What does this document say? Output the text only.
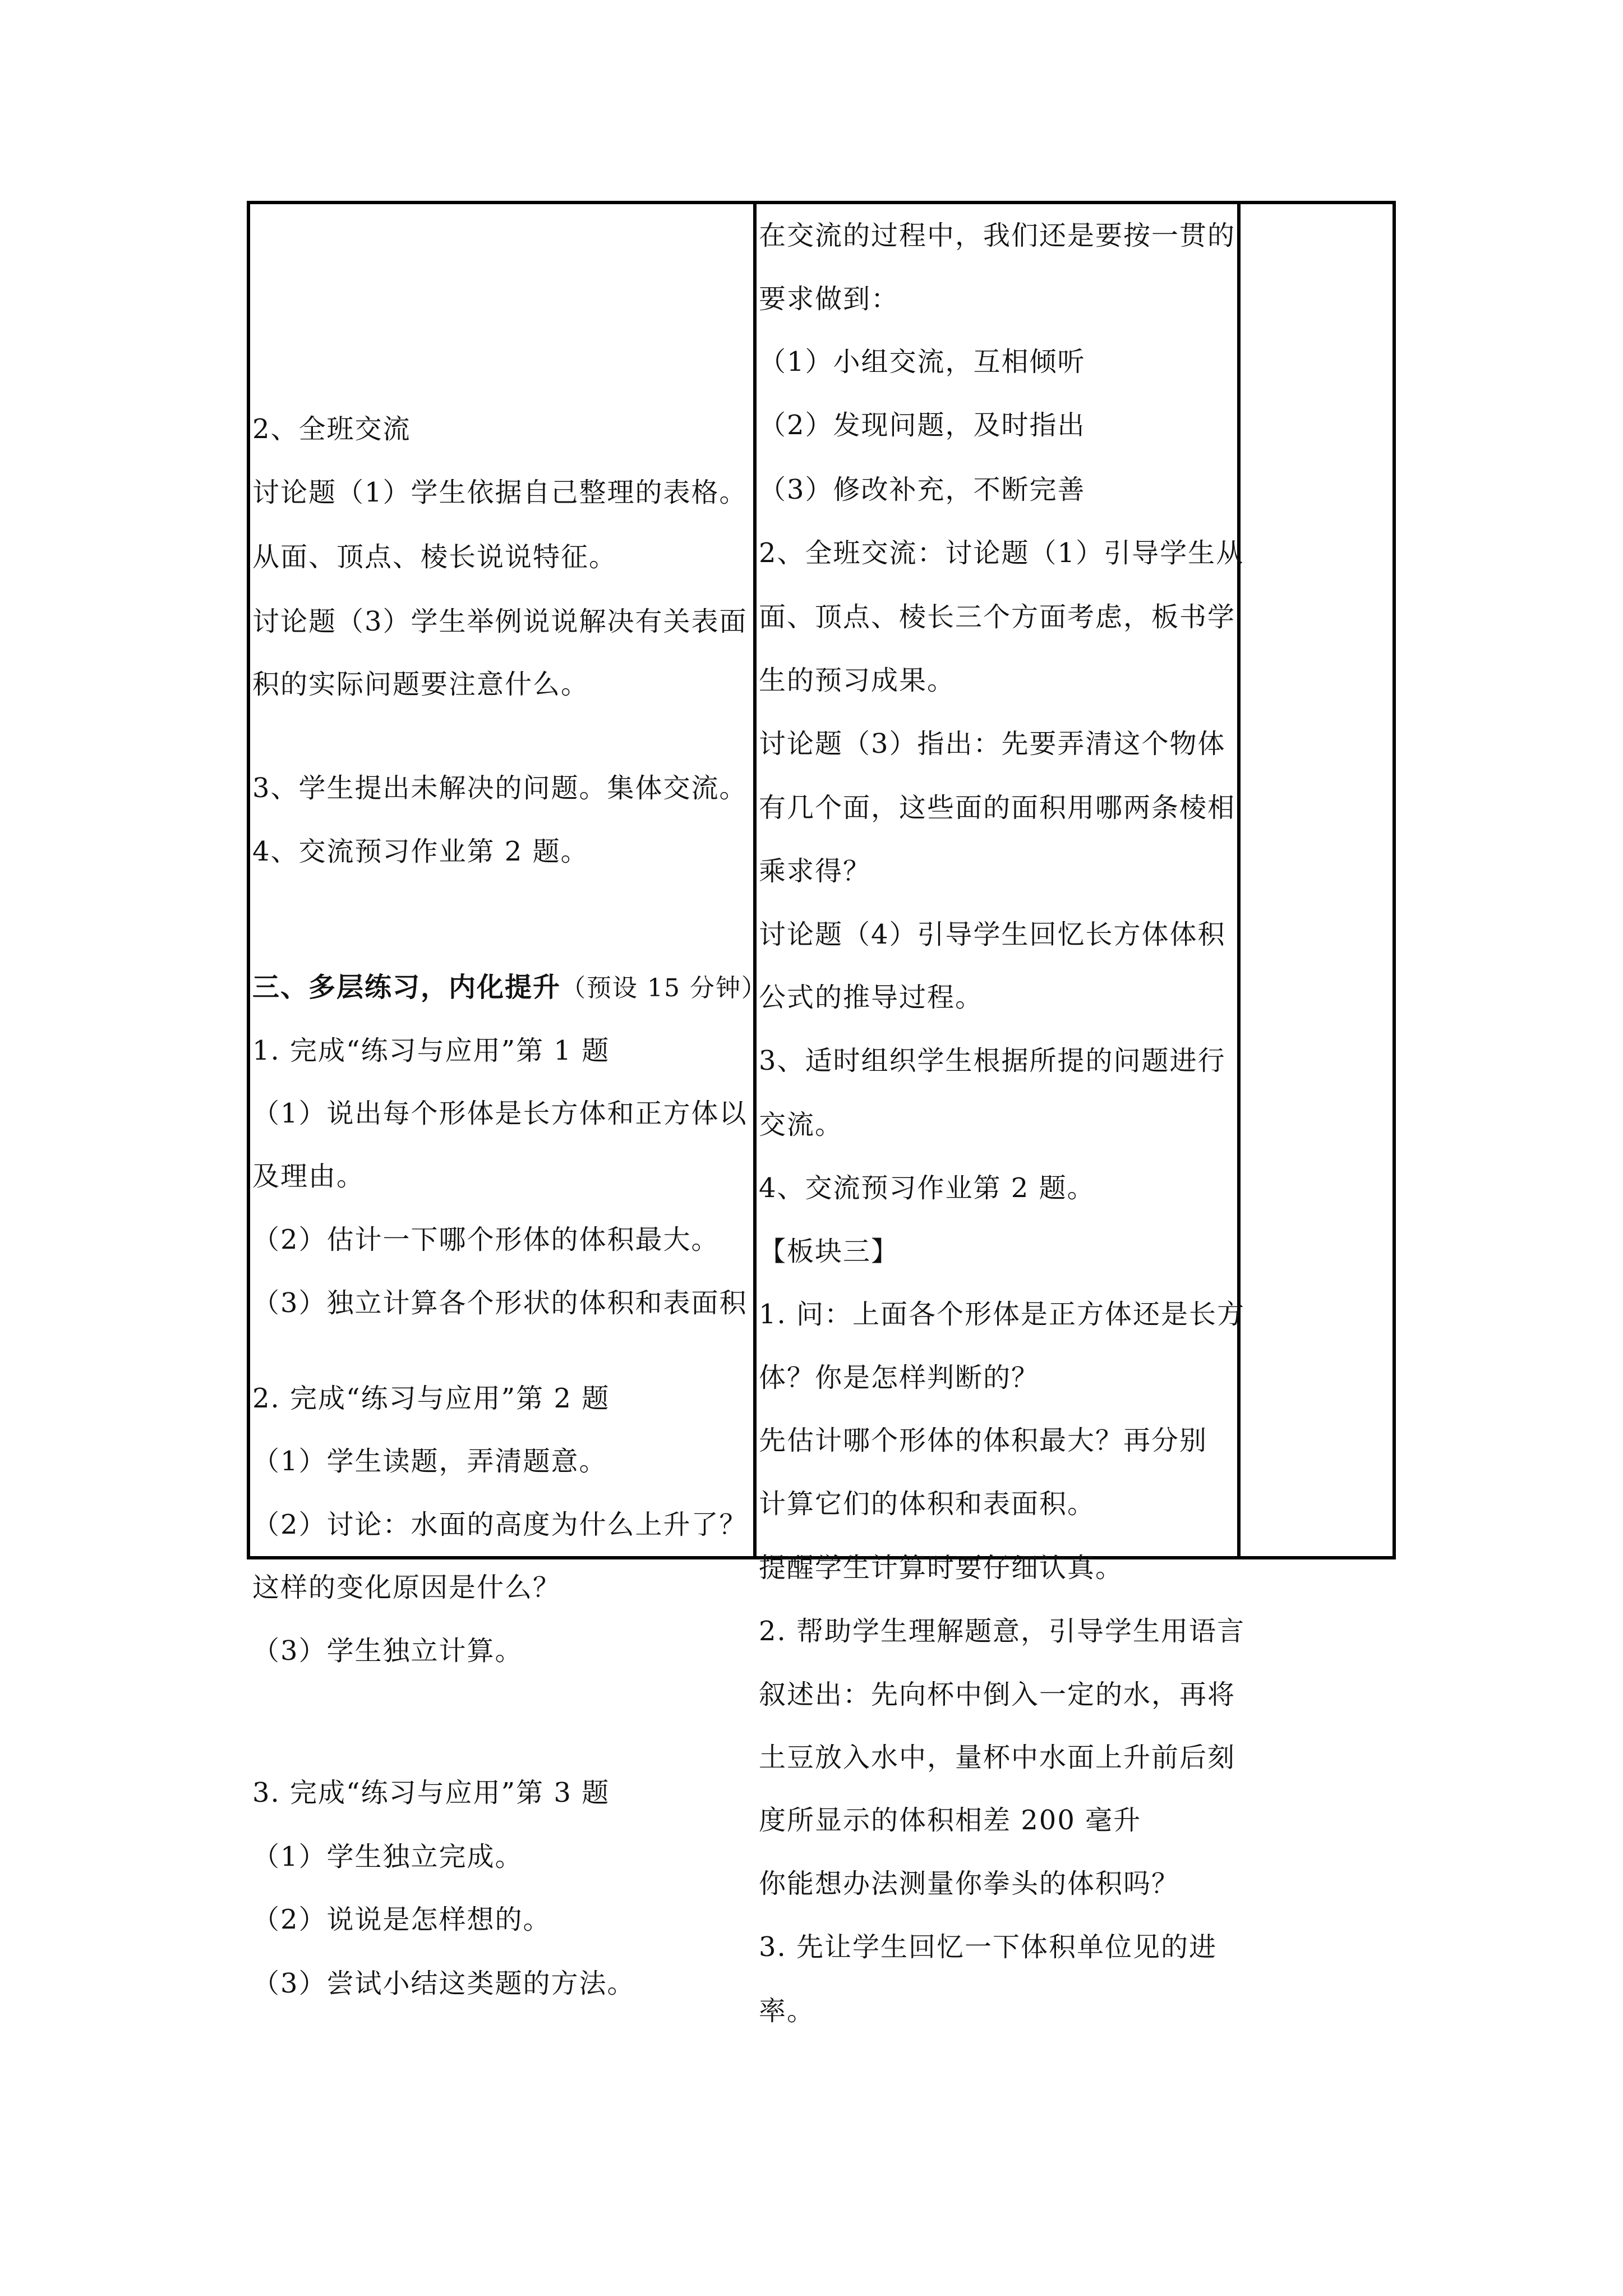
2、全班交流
讨论题（1）学生依据自己整理的表格。
从面、顶点、棱长说说特征。
讨论题（3）学生举例说说解决有关表面
积的实际问题要注意什么。
3、学生提出未解决的问题。集体交流。
4、交流预习作业第 2 题。
三、多层练习，内化提升（预设 15 分钟）
1. 完成“练习与应用”第 1 题
（1）说出每个形体是长方体和正方体以
及理由。
（2）估计一下哪个形体的体积最大。
（3）独立计算各个形状的体积和表面积
2. 完成“练习与应用”第 2 题
（1）学生读题，弄清题意。
（2）讨论：水面的高度为什么上升了？
这样的变化原因是什么？
（3）学生独立计算。
3. 完成“练习与应用”第 3 题
（1）学生独立完成。
（2）说说是怎样想的。
（3）尝试小结这类题的方法。
在交流的过程中，我们还是要按一贯的
要求做到：
（1）小组交流，互相倾听
（2）发现问题，及时指出
（3）修改补充，不断完善
2、全班交流：讨论题（1）引导学生从
面、顶点、棱长三个方面考虑，板书学
生的预习成果。
讨论题（3）指出：先要弄清这个物体
有几个面，这些面的面积用哪两条棱相
乘求得？
讨论题（4）引导学生回忆长方体体积
公式的推导过程。
3、适时组织学生根据所提的问题进行
交流。
4、交流预习作业第 2 题。
【板块三】
1. 问：上面各个形体是正方体还是长方
体？你是怎样判断的？
先估计哪个形体的体积最大？再分别
计算它们的体积和表面积。
提醒学生计算时要仔细认真。
2. 帮助学生理解题意，引导学生用语言
叙述出：先向杯中倒入一定的水，再将
土豆放入水中，量杯中水面上升前后刻
度所显示的体积相差 200 毫升
你能想办法测量你拳头的体积吗？
3. 先让学生回忆一下体积单位见的进
率。
